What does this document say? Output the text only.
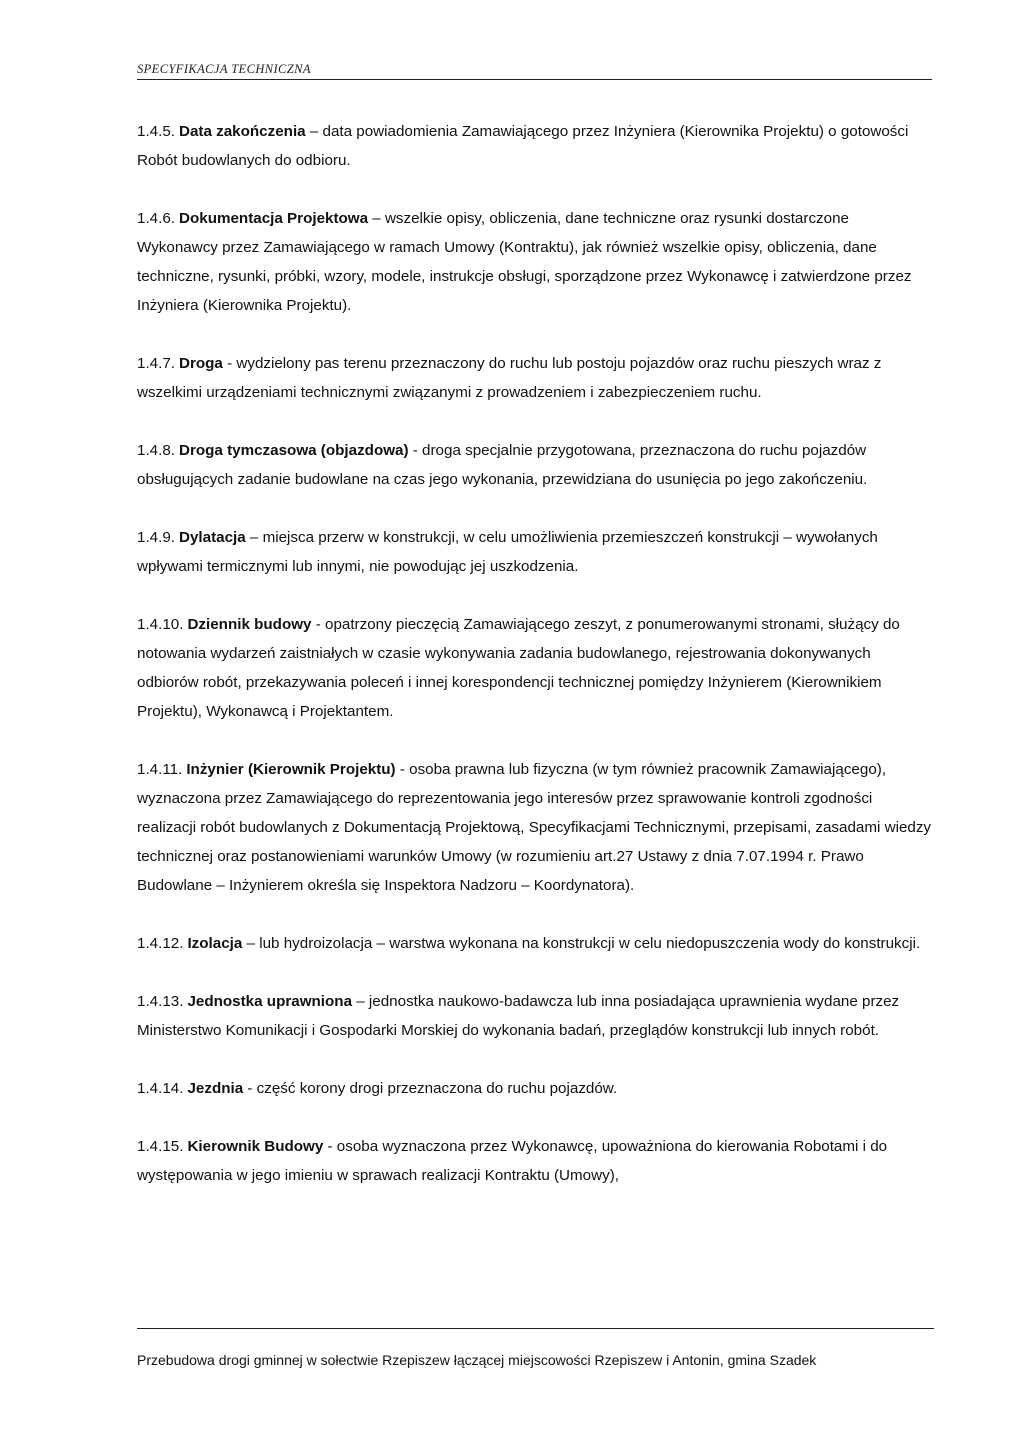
SPECYFIKACJA TECHNICZNA

1.4.5. Data zakończenia – data powiadomienia Zamawiającego przez Inżyniera (Kierownika Projektu) o gotowości Robót budowlanych do odbioru.

1.4.6. Dokumentacja Projektowa – wszelkie opisy, obliczenia, dane techniczne oraz rysunki dostarczone Wykonawcy przez Zamawiającego w ramach Umowy (Kontraktu), jak również wszelkie opisy, obliczenia, dane techniczne, rysunki, próbki, wzory, modele, instrukcje obsługi, sporządzone przez Wykonawcę i zatwierdzone przez Inżyniera (Kierownika Projektu).

1.4.7. Droga - wydzielony pas terenu przeznaczony do ruchu lub postoju pojazdów oraz ruchu pieszych wraz z wszelkimi urządzeniami technicznymi związanymi z prowadzeniem i zabezpieczeniem ruchu.

1.4.8. Droga tymczasowa (objazdowa) - droga specjalnie przygotowana, przeznaczona do ruchu pojazdów obsługujących zadanie budowlane na czas jego wykonania, przewidziana do usunięcia po jego zakończeniu.

1.4.9. Dylatacja – miejsca przerw w konstrukcji, w celu umożliwienia przemieszczeń konstrukcji – wywołanych wpływami termicznymi lub innymi, nie powodując jej uszkodzenia.

1.4.10. Dziennik budowy - opatrzony pieczęcią Zamawiającego zeszyt, z ponumerowanymi stronami, służący do notowania wydarzeń zaistniałych w czasie wykonywania zadania budowlanego, rejestrowania dokonywanych odbiorów robót, przekazywania poleceń i innej korespondencji technicznej pomiędzy Inżynierem (Kierownikiem Projektu), Wykonawcą i Projektantem.

1.4.11. Inżynier (Kierownik Projektu) - osoba prawna lub fizyczna (w tym również pracownik Zamawiającego), wyznaczona przez Zamawiającego do reprezentowania jego interesów przez sprawowanie kontroli zgodności realizacji robót budowlanych z Dokumentacją Projektową, Specyfikacjami Technicznymi, przepisami, zasadami wiedzy technicznej oraz postanowieniami warunków Umowy (w rozumieniu art.27 Ustawy z dnia 7.07.1994 r. Prawo Budowlane – Inżynierem określa się Inspektora Nadzoru – Koordynatora).

1.4.12. Izolacja – lub hydroizolacja – warstwa wykonana na konstrukcji w celu niedopuszczenia wody do konstrukcji.

1.4.13. Jednostka uprawniona – jednostka naukowo-badawcza lub inna posiadająca uprawnienia wydane przez Ministerstwo Komunikacji i Gospodarki Morskiej do wykonania badań, przeglądów konstrukcji lub innych robót.

1.4.14. Jezdnia - część korony drogi przeznaczona do ruchu pojazdów.

1.4.15. Kierownik Budowy - osoba wyznaczona przez Wykonawcę, upoważniona do kierowania Robotami i do występowania w jego imieniu w sprawach realizacji Kontraktu (Umowy),

Przebudowa drogi gminnej w sołectwie Rzepiszew łączącej miejscowości Rzepiszew i Antonin, gmina Szadek
